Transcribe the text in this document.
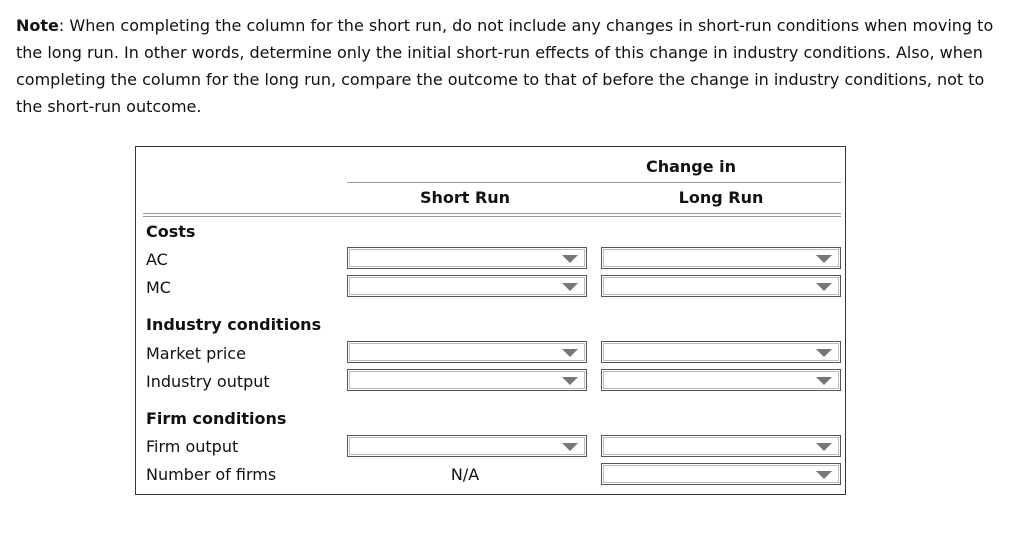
Note: When completing the column for the short run, do not include any changes in short-run conditions when moving to the long run. In other words, determine only the initial short-run effects of this change in industry conditions. Also, when completing the column for the long run, compare the outcome to that of before the change in industry conditions, not to the short-run outcome.
Change in
Short Run	Long Run
Costs
AC
MC
Industry conditions
Market price
Industry output
Firm conditions
Firm output
Number of firms	N/A
